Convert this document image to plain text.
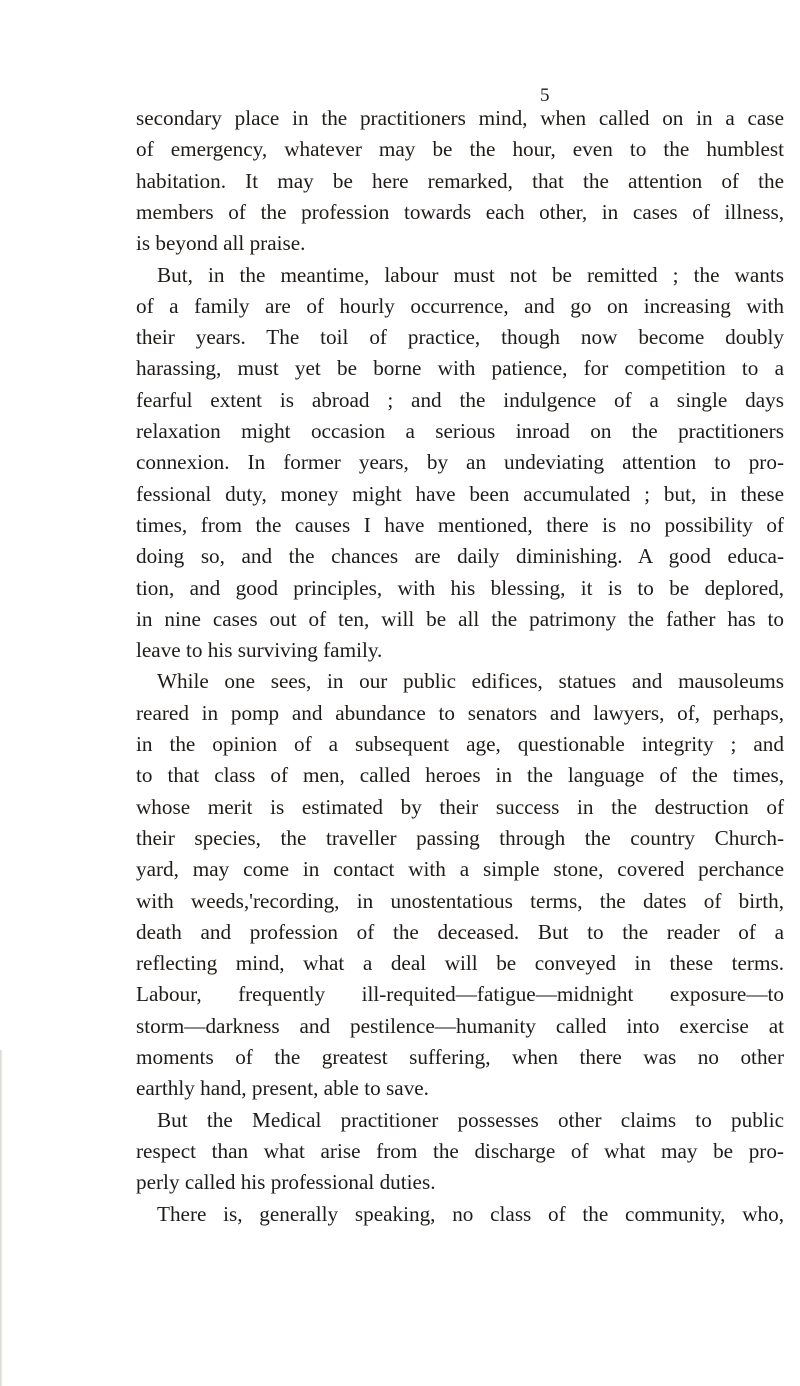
5
secondary place in the practitioners mind, when called on in a case
of emergency, whatever may be the hour, even to the humblest
habitation. It may be here remarked, that the attention of the
members of the profession towards each other, in cases of illness,
is beyond all praise.
But, in the meantime, labour must not be remitted ; the wants
of a family are of hourly occurrence, and go on increasing with
their years. The toil of practice, though now become doubly
harassing, must yet be borne with patience, for competition to a
fearful extent is abroad ; and the indulgence of a single days
relaxation might occasion a serious inroad on the practitioners
connexion. In former years, by an undeviating attention to pro-
fessional duty, money might have been accumulated ; but, in these
times, from the causes I have mentioned, there is no possibility of
doing so, and the chances are daily diminishing. A good educa-
tion, and good principles, with his blessing, it is to be deplored,
in nine cases out of ten, will be all the patrimony the father has to
leave to his surviving family.
While one sees, in our public edifices, statues and mausoleums
reared in pomp and abundance to senators and lawyers, of, perhaps,
in the opinion of a subsequent age, questionable integrity ; and
to that class of men, called heroes in the language of the times,
whose merit is estimated by their success in the destruction of
their species, the traveller passing through the country Church-
yard, may come in contact with a simple stone, covered perchance
with weeds,'recording, in unostentatious terms, the dates of birth,
death and profession of the deceased. But to the reader of a
reflecting mind, what a deal will be conveyed in these terms.
Labour, frequently ill-requited—fatigue—midnight exposure—to
storm—darkness and pestilence—humanity called into exercise at
moments of the greatest suffering, when there was no other
earthly hand, present, able to save.
But the Medical practitioner possesses other claims to public
respect than what arise from the discharge of what may be pro-
perly called his professional duties.
There is, generally speaking, no class of the community, who,
